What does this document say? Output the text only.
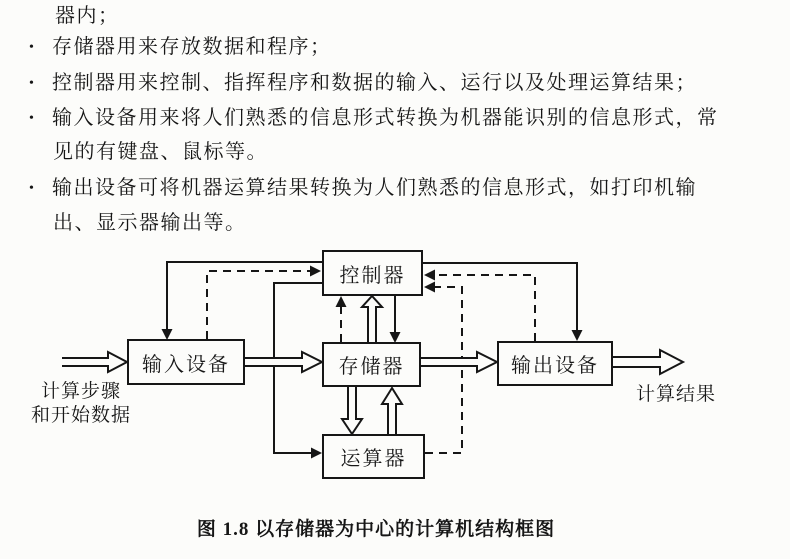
器内；
• 存储器用来存放数据和程序；
• 控制器用来控制、指挥程序和数据的输入、运行以及处理运算结果；
• 输入设备用来将人们熟悉的信息形式转换为机器能识别的信息形式，常
见的有键盘、鼠标等。
• 输出设备可将机器运算结果转换为人们熟悉的信息形式，如打印机输
出、显示器输出等。
控制器
输入设备	存储器	输出设备
运算器
计算步骤
和开始数据
计算结果
图 1.8 以存储器为中心的计算机结构框图
